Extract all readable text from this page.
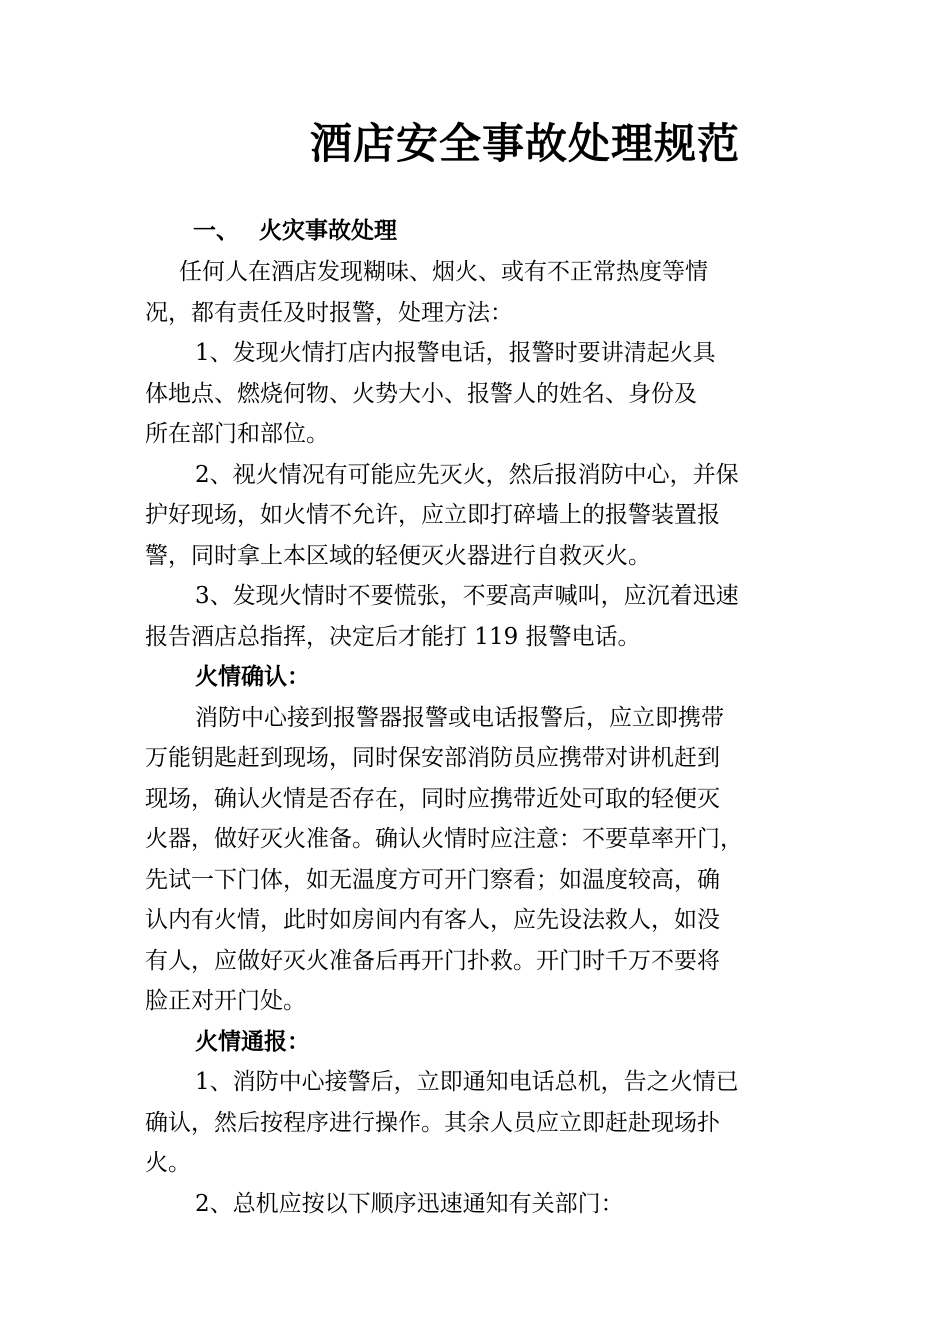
酒店安全事故处理规范
一、 火灾事故处理
任何人在酒店发现糊味、烟火、或有不正常热度等情
况，都有责任及时报警，处理方法：
1、发现火情打店内报警电话，报警时要讲清起火具
体地点、燃烧何物、火势大小、报警人的姓名、身份及
所在部门和部位。
2、视火情况有可能应先灭火，然后报消防中心，并保
护好现场，如火情不允许，应立即打碎墙上的报警装置报
警，同时拿上本区域的轻便灭火器进行自救灭火。
3、发现火情时不要慌张，不要高声喊叫，应沉着迅速
报告酒店总指挥，决定后才能打 119 报警电话。
火情确认：
消防中心接到报警器报警或电话报警后，应立即携带
万能钥匙赶到现场，同时保安部消防员应携带对讲机赶到
现场，确认火情是否存在，同时应携带近处可取的轻便灭
火器，做好灭火准备。确认火情时应注意：不要草率开门，
先试一下门体，如无温度方可开门察看；如温度较高，确
认内有火情，此时如房间内有客人，应先设法救人，如没
有人，应做好灭火准备后再开门扑救。开门时千万不要将
脸正对开门处。
火情通报：
1、消防中心接警后，立即通知电话总机，告之火情已
确认，然后按程序进行操作。其余人员应立即赶赴现场扑
火。
2、总机应按以下顺序迅速通知有关部门：
